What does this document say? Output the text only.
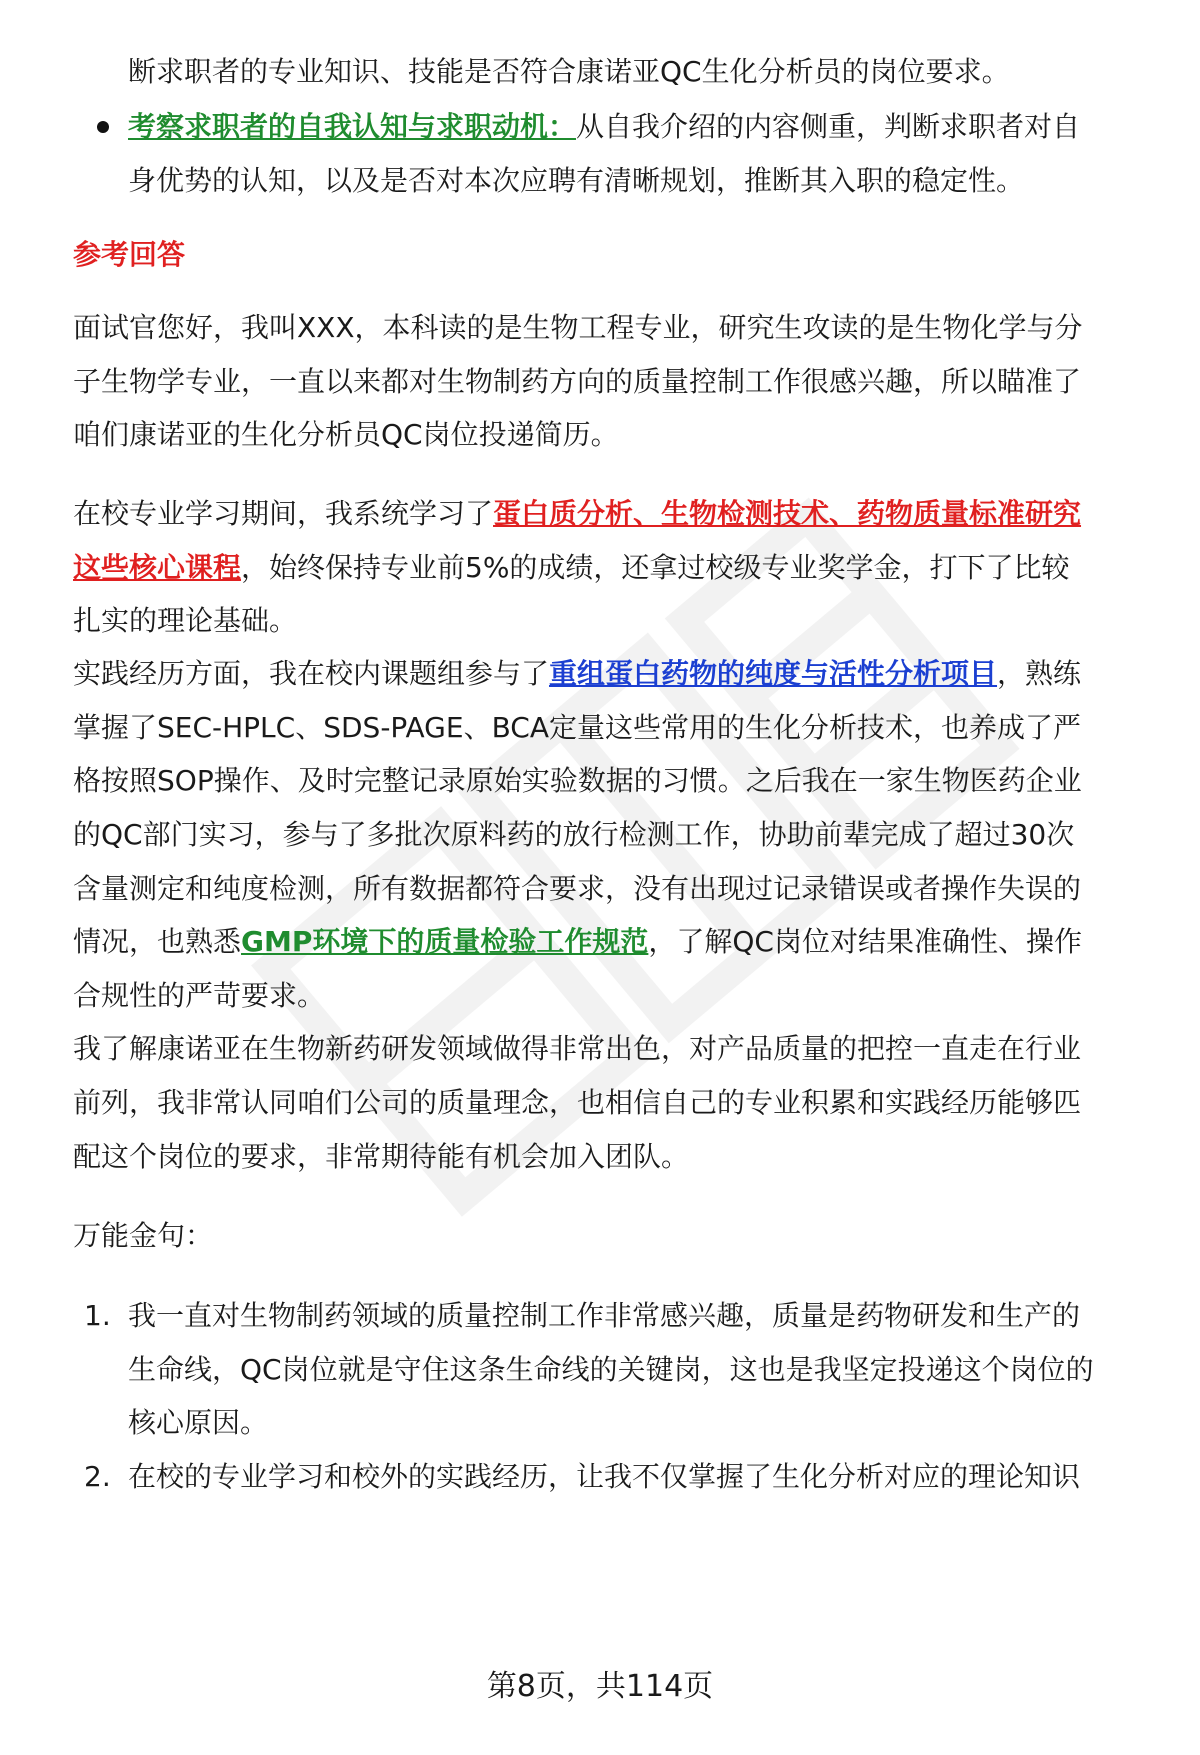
断求职者的专业知识、技能是否符合康诺亚QC生化分析员的岗位要求。
考察求职者的自我认知与求职动机：从自我介绍的内容侧重，判断求职者对自
身优势的认知，以及是否对本次应聘有清晰规划，推断其入职的稳定性。
参考回答
面试官您好，我叫XXX，本科读的是生物工程专业，研究生攻读的是生物化学与分
子生物学专业，一直以来都对生物制药方向的质量控制工作很感兴趣，所以瞄准了
咱们康诺亚的生化分析员QC岗位投递简历。
在校专业学习期间，我系统学习了蛋白质分析、生物检测技术、药物质量标准研究
这些核心课程，始终保持专业前5%的成绩，还拿过校级专业奖学金，打下了比较
扎实的理论基础。
实践经历方面，我在校内课题组参与了重组蛋白药物的纯度与活性分析项目，熟练
掌握了SEC-HPLC、SDS-PAGE、BCA定量这些常用的生化分析技术，也养成了严
格按照SOP操作、及时完整记录原始实验数据的习惯。之后我在一家生物医药企业
的QC部门实习，参与了多批次原料药的放行检测工作，协助前辈完成了超过30次
含量测定和纯度检测，所有数据都符合要求，没有出现过记录错误或者操作失误的
情况，也熟悉GMP环境下的质量检验工作规范，了解QC岗位对结果准确性、操作
合规性的严苛要求。
我了解康诺亚在生物新药研发领域做得非常出色，对产品质量的把控一直走在行业
前列，我非常认同咱们公司的质量理念，也相信自己的专业积累和实践经历能够匹
配这个岗位的要求，非常期待能有机会加入团队。
万能金句：
1. 我一直对生物制药领域的质量控制工作非常感兴趣，质量是药物研发和生产的
生命线，QC岗位就是守住这条生命线的关键岗，这也是我坚定投递这个岗位的
核心原因。
2. 在校的专业学习和校外的实践经历，让我不仅掌握了生化分析对应的理论知识
第8页，共114页
